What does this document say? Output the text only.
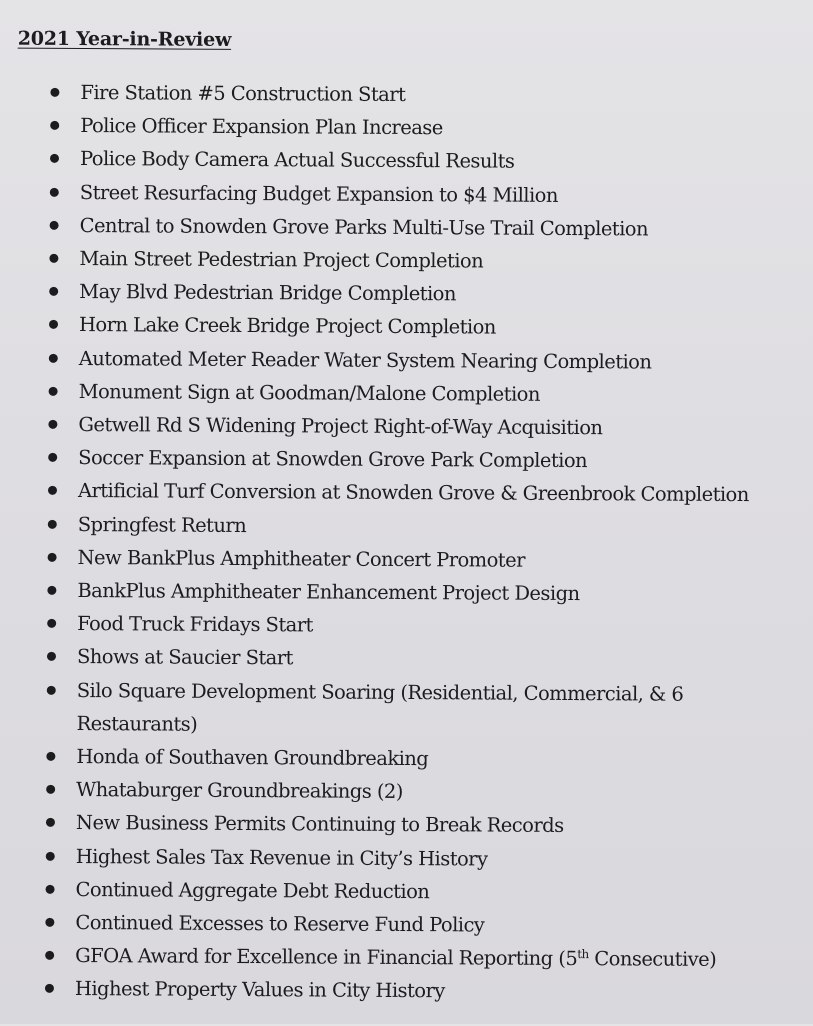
2021 Year-in-Review
Fire Station #5 Construction Start
Police Officer Expansion Plan Increase
Police Body Camera Actual Successful Results
Street Resurfacing Budget Expansion to $4 Million
Central to Snowden Grove Parks Multi-Use Trail Completion
Main Street Pedestrian Project Completion
May Blvd Pedestrian Bridge Completion
Horn Lake Creek Bridge Project Completion
Automated Meter Reader Water System Nearing Completion
Monument Sign at Goodman/Malone Completion
Getwell Rd S Widening Project Right-of-Way Acquisition
Soccer Expansion at Snowden Grove Park Completion
Artificial Turf Conversion at Snowden Grove & Greenbrook Completion
Springfest Return
New BankPlus Amphitheater Concert Promoter
BankPlus Amphitheater Enhancement Project Design
Food Truck Fridays Start
Shows at Saucier Start
Silo Square Development Soaring (Residential, Commercial, & 6 Restaurants)
Honda of Southaven Groundbreaking
Whataburger Groundbreakings (2)
New Business Permits Continuing to Break Records
Highest Sales Tax Revenue in City’s History
Continued Aggregate Debt Reduction
Continued Excesses to Reserve Fund Policy
GFOA Award for Excellence in Financial Reporting (5th Consecutive)
Highest Property Values in City History
